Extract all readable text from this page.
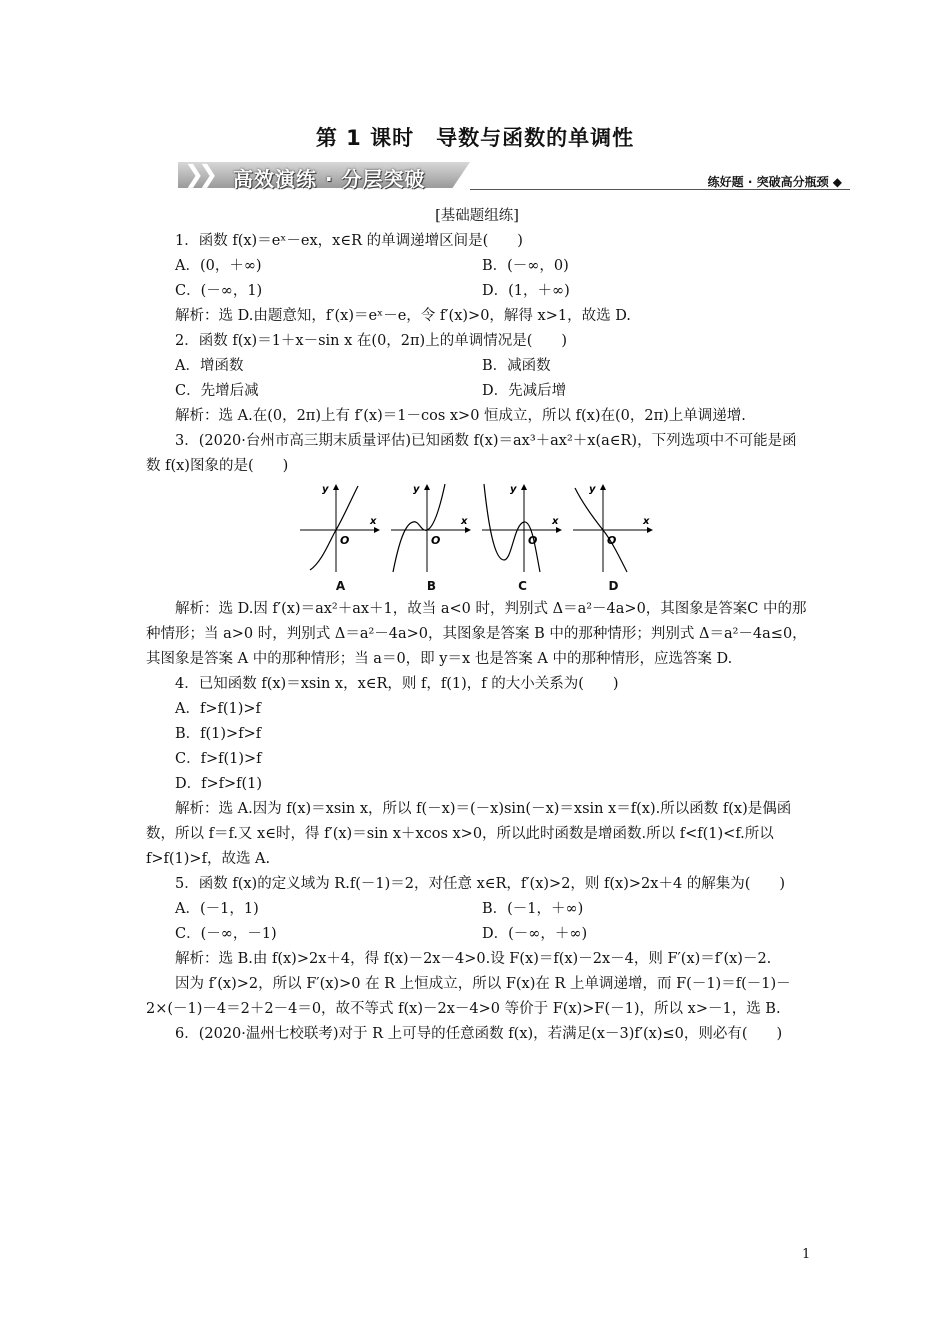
第 1 课时　导数与函数的单调性
❯❯ 高效演练 · 分层突破	练好题 · 突破高分瓶颈 ◆

[基础题组练]

1．函数 f(x)＝eˣ－ex，x∈R 的单调递增区间是(　　)

A．(0，＋∞)	B．(－∞，0)
C．(－∞，1)	D．(1，＋∞)

解析：选 D.由题意知，f′(x)＝eˣ－e，令 f′(x)>0，解得 x>1，故选 D.

2．函数 f(x)＝1＋x－sin x 在(0，2π)上的单调情况是(　　)

A．增函数	B．减函数
C．先增后减	D．先减后增

解析：选 A.在(0，2π)上有 f′(x)＝1－cos x>0 恒成立，所以 f(x)在(0，2π)上单调递增.

3．(2020·台州市高三期末质量评估)已知函数 f(x)＝ax³＋ax²＋x(a∈R)，下列选项中不可能是函数 f(x)图象的是(　　)

x
y
O
A
x
y
O
B
x
y
O
C
x
y
O
D

解析：选 D.因 f′(x)＝ax²＋ax＋1，故当 a<0 时，判别式 Δ＝a²－4a>0，其图象是答案C 中的那种情形；当 a>0 时，判别式 Δ＝a²－4a>0，其图象是答案 B 中的那种情形；判别式 Δ＝a²－4a≤0，其图象是答案 A 中的那种情形；当 a＝0，即 y＝x 也是答案 A 中的那种情形，应选答案 D.

4．已知函数 f(x)＝xsin x，x∈R，则 f，f(1)，f 的大小关系为(　　)

A．f>f(1)>f

B．f(1)>f>f

C．f>f(1)>f

D．f>f>f(1)

解析：选 A.因为 f(x)＝xsin x，所以 f(－x)＝(－x)sin(－x)＝xsin x＝f(x).所以函数 f(x)是偶函数，所以 f＝f.又 x∈时，得 f′(x)＝sin x＋xcos x>0，所以此时函数是增函数.所以 f<f(1)<f.所以 f>f(1)>f，故选 A.

5．函数 f(x)的定义域为 R.f(－1)＝2，对任意 x∈R，f′(x)>2，则 f(x)>2x＋4 的解集为(　　)

A．(－1，1)	B．(－1，＋∞)
C．(－∞，－1)	D．(－∞，＋∞)

解析：选 B.由 f(x)>2x＋4，得 f(x)－2x－4>0.设 F(x)＝f(x)－2x－4，则 F′(x)＝f′(x)－2.

因为 f′(x)>2，所以 F′(x)>0 在 R 上恒成立，所以 F(x)在 R 上单调递增，而 F(－1)＝f(－1)－2×(－1)－4＝2＋2－4＝0，故不等式 f(x)－2x－4>0 等价于 F(x)>F(－1)，所以 x>－1，选 B.

6．(2020·温州七校联考)对于 R 上可导的任意函数 f(x)，若满足(x－3)f′(x)≤0，则必有(　　)

1
